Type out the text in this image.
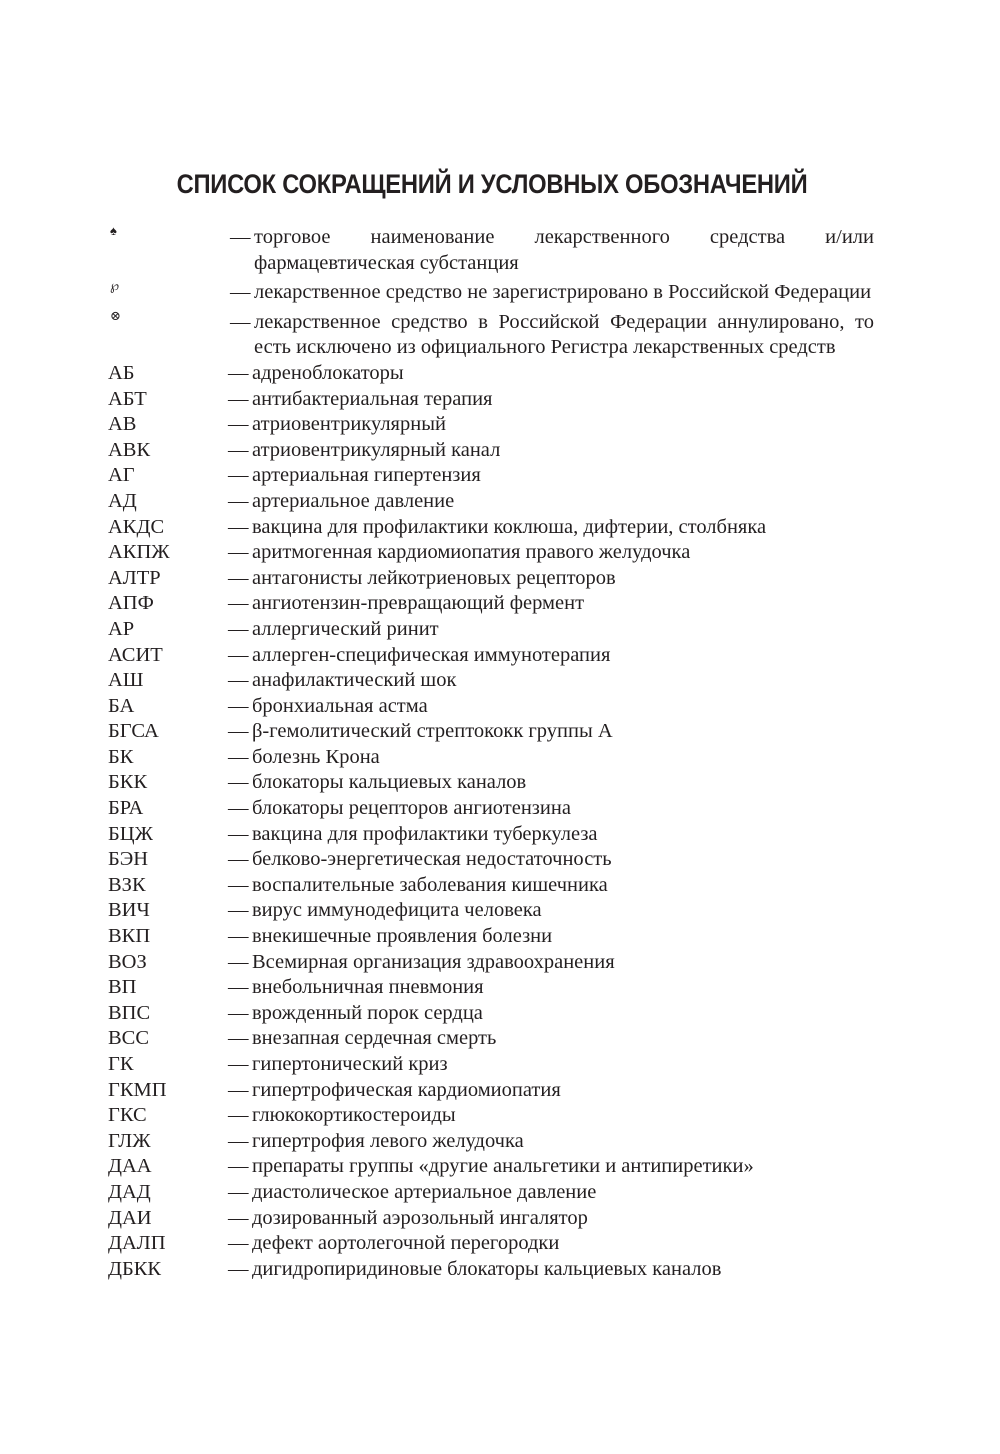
СПИСОК СОКРАЩЕНИЙ И УСЛОВНЫХ ОБОЗНАЧЕНИЙ
♠	— торговое наименование лекарственного средства и/или фармацевтическая субстанция
℘	— лекарственное средство не зарегистрировано в Российской Федерации
⊗	— лекарственное средство в Российской Федерации аннулировано, то есть исключено из официального Регистра лекарственных средств
АБ	— адреноблокаторы
АБТ	— антибактериальная терапия
АВ	— атриовентрикулярный
АВК	— атриовентрикулярный канал
АГ	— артериальная гипертензия
АД	— артериальное давление
АКДС	— вакцина для профилактики коклюша, дифтерии, столбняка
АКПЖ	— аритмогенная кардиомиопатия правого желудочка
АЛТР	— антагонисты лейкотриеновых рецепторов
АПФ	— ангиотензин-превращающий фермент
АР	— аллергический ринит
АСИТ	— аллерген-специфическая иммунотерапия
АШ	— анафилактический шок
БА	— бронхиальная астма
БГСА	— β-гемолитический стрептококк группы А
БК	— болезнь Крона
БКК	— блокаторы кальциевых каналов
БРА	— блокаторы рецепторов ангиотензина
БЦЖ	— вакцина для профилактики туберкулеза
БЭН	— белково-энергетическая недостаточность
ВЗК	— воспалительные заболевания кишечника
ВИЧ	— вирус иммунодефицита человека
ВКП	— внекишечные проявления болезни
ВОЗ	— Всемирная организация здравоохранения
ВП	— внебольничная пневмония
ВПС	— врожденный порок сердца
ВСС	— внезапная сердечная смерть
ГК	— гипертонический криз
ГКМП	— гипертрофическая кардиомиопатия
ГКС	— глюкокортикостероиды
ГЛЖ	— гипертрофия левого желудочка
ДАА	— препараты группы «другие анальгетики и антипиретики»
ДАД	— диастолическое артериальное давление
ДАИ	— дозированный аэрозольный ингалятор
ДАЛП	— дефект аортолегочной перегородки
ДБКК	— дигидропиридиновые блокаторы кальциевых каналов
